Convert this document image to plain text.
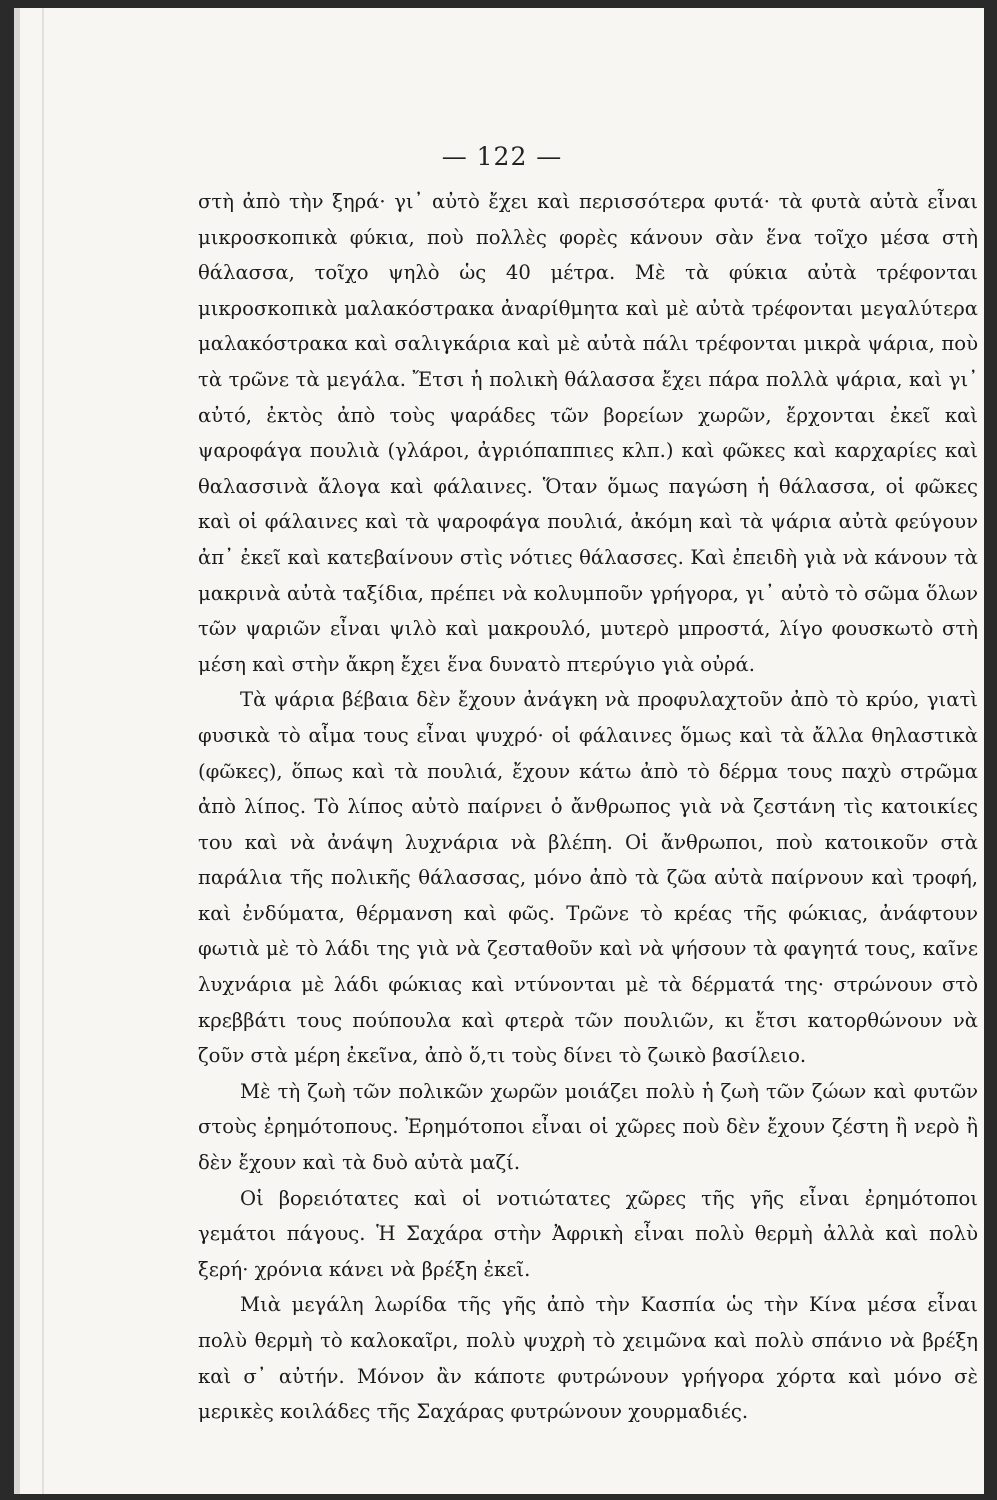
— 122 —

στὴ ἀπὸ τὴν ξηρά· γι᾿ αὐτὸ ἔχει καὶ περισσότερα φυτά· τὰ φυτὰ αὐτὰ εἶναι μικροσκοπικὰ φύκια, ποὺ πολλὲς φορὲς κάνουν σὰν ἕνα τοῖχο μέσα στὴ θάλασσα, τοῖχο ψηλὸ ὡς 40 μέτρα. Μὲ τὰ φύκια αὐτὰ τρέφονται μικροσκοπικὰ μαλακόστρακα ἀναρίθμητα καὶ μὲ αὐτὰ τρέφονται μεγαλύτερα μαλακόστρακα καὶ σαλιγκάρια καὶ μὲ αὐτὰ πάλι τρέφονται μικρὰ ψάρια, ποὺ τὰ τρῶνε τὰ μεγάλα. Ἔτσι ἡ πολικὴ θάλασσα ἔχει πάρα πολλὰ ψάρια, καὶ γι᾿ αὐτό, ἐκτὸς ἀπὸ τοὺς ψαράδες τῶν βορείων χωρῶν, ἔρχονται ἐκεῖ καὶ ψαροφάγα πουλιὰ (γλάροι, ἀγριόπαππιες κλπ.) καὶ φῶκες καὶ καρχαρίες καὶ θαλασσινὰ ἄλογα καὶ φάλαινες. Ὅταν ὅμως παγώση ἡ θάλασσα, οἱ φῶκες καὶ οἱ φάλαινες καὶ τὰ ψαροφάγα πουλιά, ἀκόμη καὶ τὰ ψάρια αὐτὰ φεύγουν ἀπ᾿ ἐκεῖ καὶ κατεβαίνουν στὶς νότιες θάλασσες. Καὶ ἐπειδὴ γιὰ νὰ κάνουν τὰ μακρινὰ αὐτὰ ταξίδια, πρέπει νὰ κολυμποῦν γρήγορα, γι᾿ αὐτὸ τὸ σῶμα ὅλων τῶν ψαριῶν εἶναι ψιλὸ καὶ μακρουλό, μυτερὸ μπροστά, λίγο φουσκωτὸ στὴ μέση καὶ στὴν ἄκρη ἔχει ἕνα δυνατὸ πτερύγιο γιὰ οὐρά.

Τὰ ψάρια βέβαια δὲν ἔχουν ἀνάγκη νὰ προφυλαχτοῦν ἀπὸ τὸ κρύο, γιατὶ φυσικὰ τὸ αἷμα τους εἶναι ψυχρό· οἱ φάλαινες ὅμως καὶ τὰ ἄλλα θηλαστικὰ (φῶκες), ὅπως καὶ τὰ πουλιά, ἔχουν κάτω ἀπὸ τὸ δέρμα τους παχὺ στρῶμα ἀπὸ λίπος. Τὸ λίπος αὐτὸ παίρνει ὁ ἄνθρωπος γιὰ νὰ ζεστάνη τὶς κατοικίες του καὶ νὰ ἀνάψη λυχνάρια νὰ βλέπη. Οἱ ἄνθρωποι, ποὺ κατοικοῦν στὰ παράλια τῆς πολικῆς θάλασσας, μόνο ἀπὸ τὰ ζῶα αὐτὰ παίρνουν καὶ τροφή, καὶ ἐνδύματα, θέρμανση καὶ φῶς. Τρῶνε τὸ κρέας τῆς φώκιας, ἀνάφτουν φωτιὰ μὲ τὸ λάδι της γιὰ νὰ ζεσταθοῦν καὶ νὰ ψήσουν τὰ φαγητά τους, καῖνε λυχνάρια μὲ λάδι φώκιας καὶ ντύνονται μὲ τὰ δέρματά της· στρώνουν στὸ κρεββάτι τους πούπουλα καὶ φτερὰ τῶν πουλιῶν, κι ἔτσι κατορθώνουν νὰ ζοῦν στὰ μέρη ἐκεῖνα, ἀπὸ ὅ,τι τοὺς δίνει τὸ ζωικὸ βασίλειο.

Μὲ τὴ ζωὴ τῶν πολικῶν χωρῶν μοιάζει πολὺ ἡ ζωὴ τῶν ζώων καὶ φυτῶν στοὺς ἐρημότοπους. Ἐρημότοποι εἶναι οἱ χῶρες ποὺ δὲν ἔχουν ζέστη ἢ νερὸ ἢ δὲν ἔχουν καὶ τὰ δυὸ αὐτὰ μαζί.

Οἱ βορειότατες καὶ οἱ νοτιώτατες χῶρες τῆς γῆς εἶναι ἐρημότοποι γεμάτοι πάγους. Ἡ Σαχάρα στὴν Ἀφρικὴ εἶναι πολὺ θερμὴ ἀλλὰ καὶ πολὺ ξερή· χρόνια κάνει νὰ βρέξη ἐκεῖ.

Μιὰ μεγάλη λωρίδα τῆς γῆς ἀπὸ τὴν Κασπία ὡς τὴν Κίνα μέσα εἶναι πολὺ θερμὴ τὸ καλοκαῖρι, πολὺ ψυχρὴ τὸ χειμῶνα καὶ πολὺ σπάνιο νὰ βρέξη καὶ σ᾿ αὐτήν. Μόνον ἂν κάποτε φυτρώνουν γρήγορα χόρτα καὶ μόνο σὲ μερικὲς κοιλάδες τῆς Σαχάρας φυτρώνουν χουρμαδιές.
